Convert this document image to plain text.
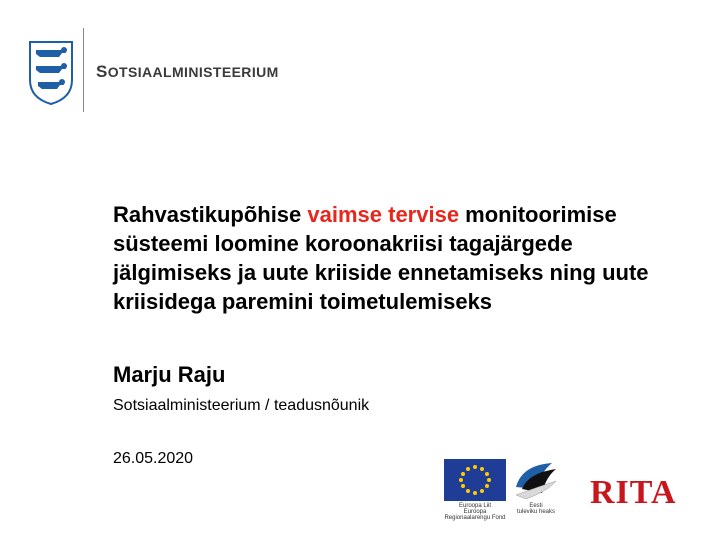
SOTSIAALMINISTEERIUM
Rahvastikupõhise vaimse tervise monitoorimise süsteemi loomine koroonakriisi tagajärgede jälgimiseks ja uute kriiside ennetamiseks ning uute kriisidega paremini toimetulemiseks
Marju Raju
Sotsiaalministeerium / teadusnõunik
26.05.2020
Euroopa Liit
Euroopa
Regionaalarengu Fond
Eesti
tuleviku heaks
RITA
